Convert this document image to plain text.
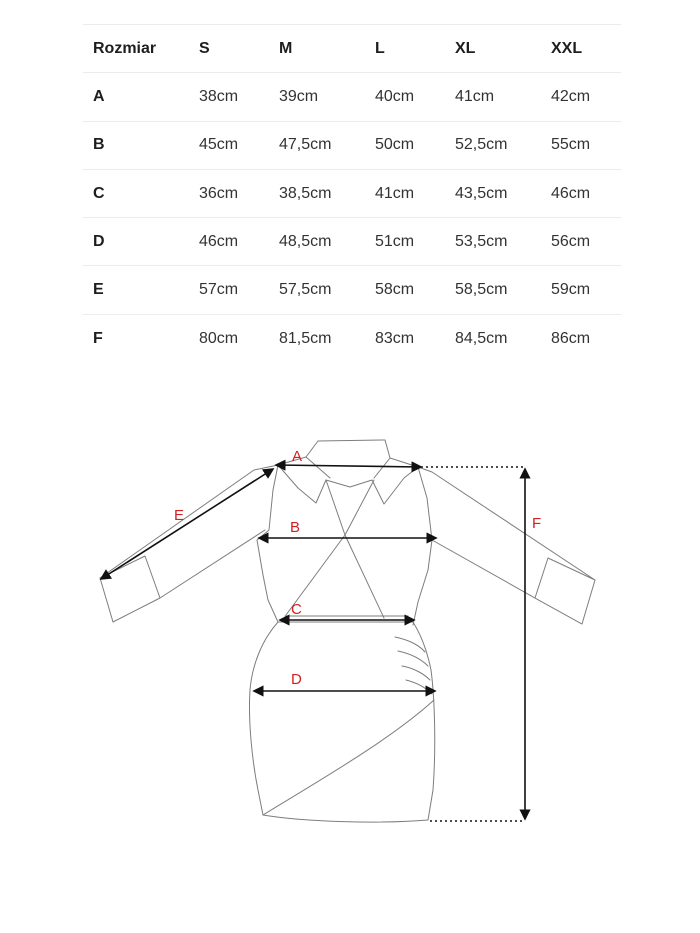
Rozmiar	S	M	L	XL	XXL
A	38cm	39cm	40cm	41cm	42cm
B	45cm	47,5cm	50cm	52,5cm	55cm
C	36cm	38,5cm	41cm	43,5cm	46cm
D	46cm	48,5cm	51cm	53,5cm	56cm
E	57cm	57,5cm	58cm	58,5cm	59cm
F	80cm	81,5cm	83cm	84,5cm	86cm
A
B
C
D
E	F
